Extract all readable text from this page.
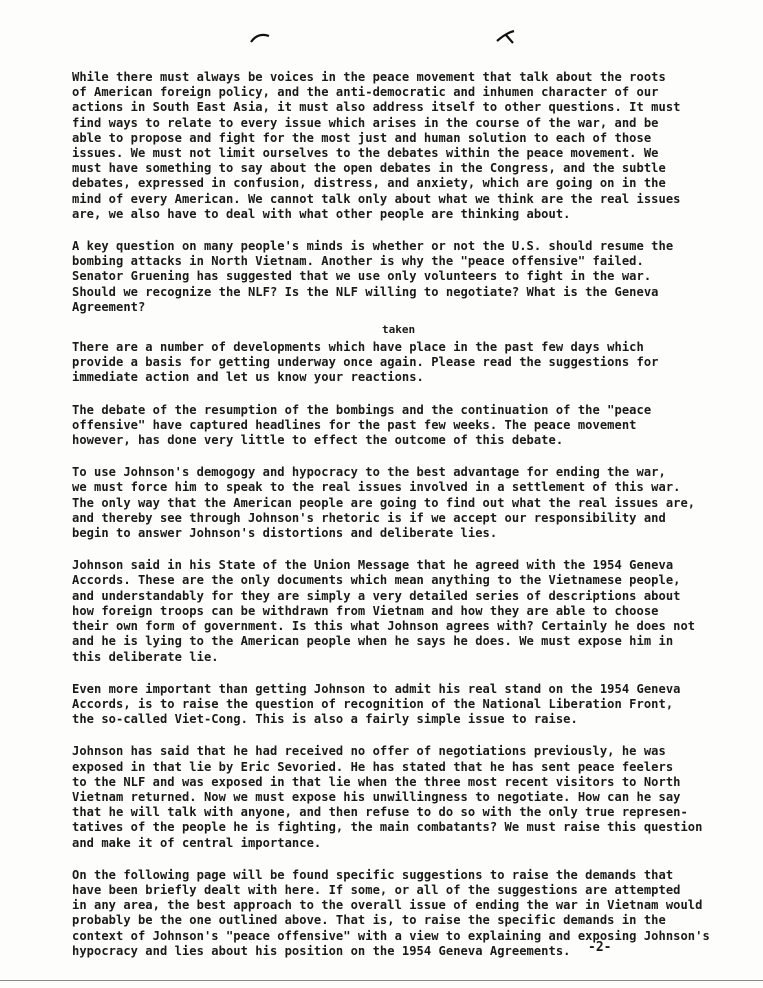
While there must always be voices in the peace movement that talk about the roots
of American foreign policy, and the anti-democratic and inhumen character of our
actions in South East Asia, it must also address itself to other questions. It must
find ways to relate to every issue which arises in the course of the war, and be
able to propose and fight for the most just and human solution to each of those
issues. We must not limit ourselves to the debates within the peace movement. We
must have something to say about the open debates in the Congress, and the subtle
debates, expressed in confusion, distress, and anxiety, which are going on in the
mind of every American. We cannot talk only about what we think are the real issues
are, we also have to deal with what other people are thinking about.

A key question on many people's minds is whether or not the U.S. should resume the
bombing attacks in North Vietnam. Another is why the "peace offensive" failed.
Senator Gruening has suggested that we use only volunteers to fight in the war.
Should we recognize the NLF? Is the NLF willing to negotiate? What is the Geneva
Agreement?

taken

There are a number of developments which have place in the past few days which
provide a basis for getting underway once again. Please read the suggestions for
immediate action and let us know your reactions.

The debate of the resumption of the bombings and the continuation of the "peace
offensive" have captured headlines for the past few weeks. The peace movement
however, has done very little to effect the outcome of this debate.

To use Johnson's demogogy and hypocracy to the best advantage for ending the war,
we must force him to speak to the real issues involved in a settlement of this war.
The only way that the American people are going to find out what the real issues are,
and thereby see through Johnson's rhetoric is if we accept our responsibility and
begin to answer Johnson's distortions and deliberate lies.

Johnson said in his State of the Union Message that he agreed with the 1954 Geneva
Accords. These are the only documents which mean anything to the Vietnamese people,
and understandably for they are simply a very detailed series of descriptions about
how foreign troops can be withdrawn from Vietnam and how they are able to choose
their own form of government. Is this what Johnson agrees with? Certainly he does not
and he is lying to the American people when he says he does. We must expose him in
this deliberate lie.

Even more important than getting Johnson to admit his real stand on the 1954 Geneva
Accords, is to raise the question of recognition of the National Liberation Front,
the so-called Viet-Cong. This is also a fairly simple issue to raise.

Johnson has said that he had received no offer of negotiations previously, he was
exposed in that lie by Eric Sevoried. He has stated that he has sent peace feelers
to the NLF and was exposed in that lie when the three most recent visitors to North
Vietnam returned. Now we must expose his unwillingness to negotiate. How can he say
that he will talk with anyone, and then refuse to do so with the only true represen-
tatives of the people he is fighting, the main combatants? We must raise this question
and make it of central importance.

On the following page will be found specific suggestions to raise the demands that
have been briefly dealt with here. If some, or all of the suggestions are attempted
in any area, the best approach to the overall issue of ending the war in Vietnam would
probably be the one outlined above. That is, to raise the specific demands in the
context of Johnson's "peace offensive" with a view to explaining and exposing Johnson's
hypocracy and lies about his position on the 1954 Geneva Agreements.	-2-
